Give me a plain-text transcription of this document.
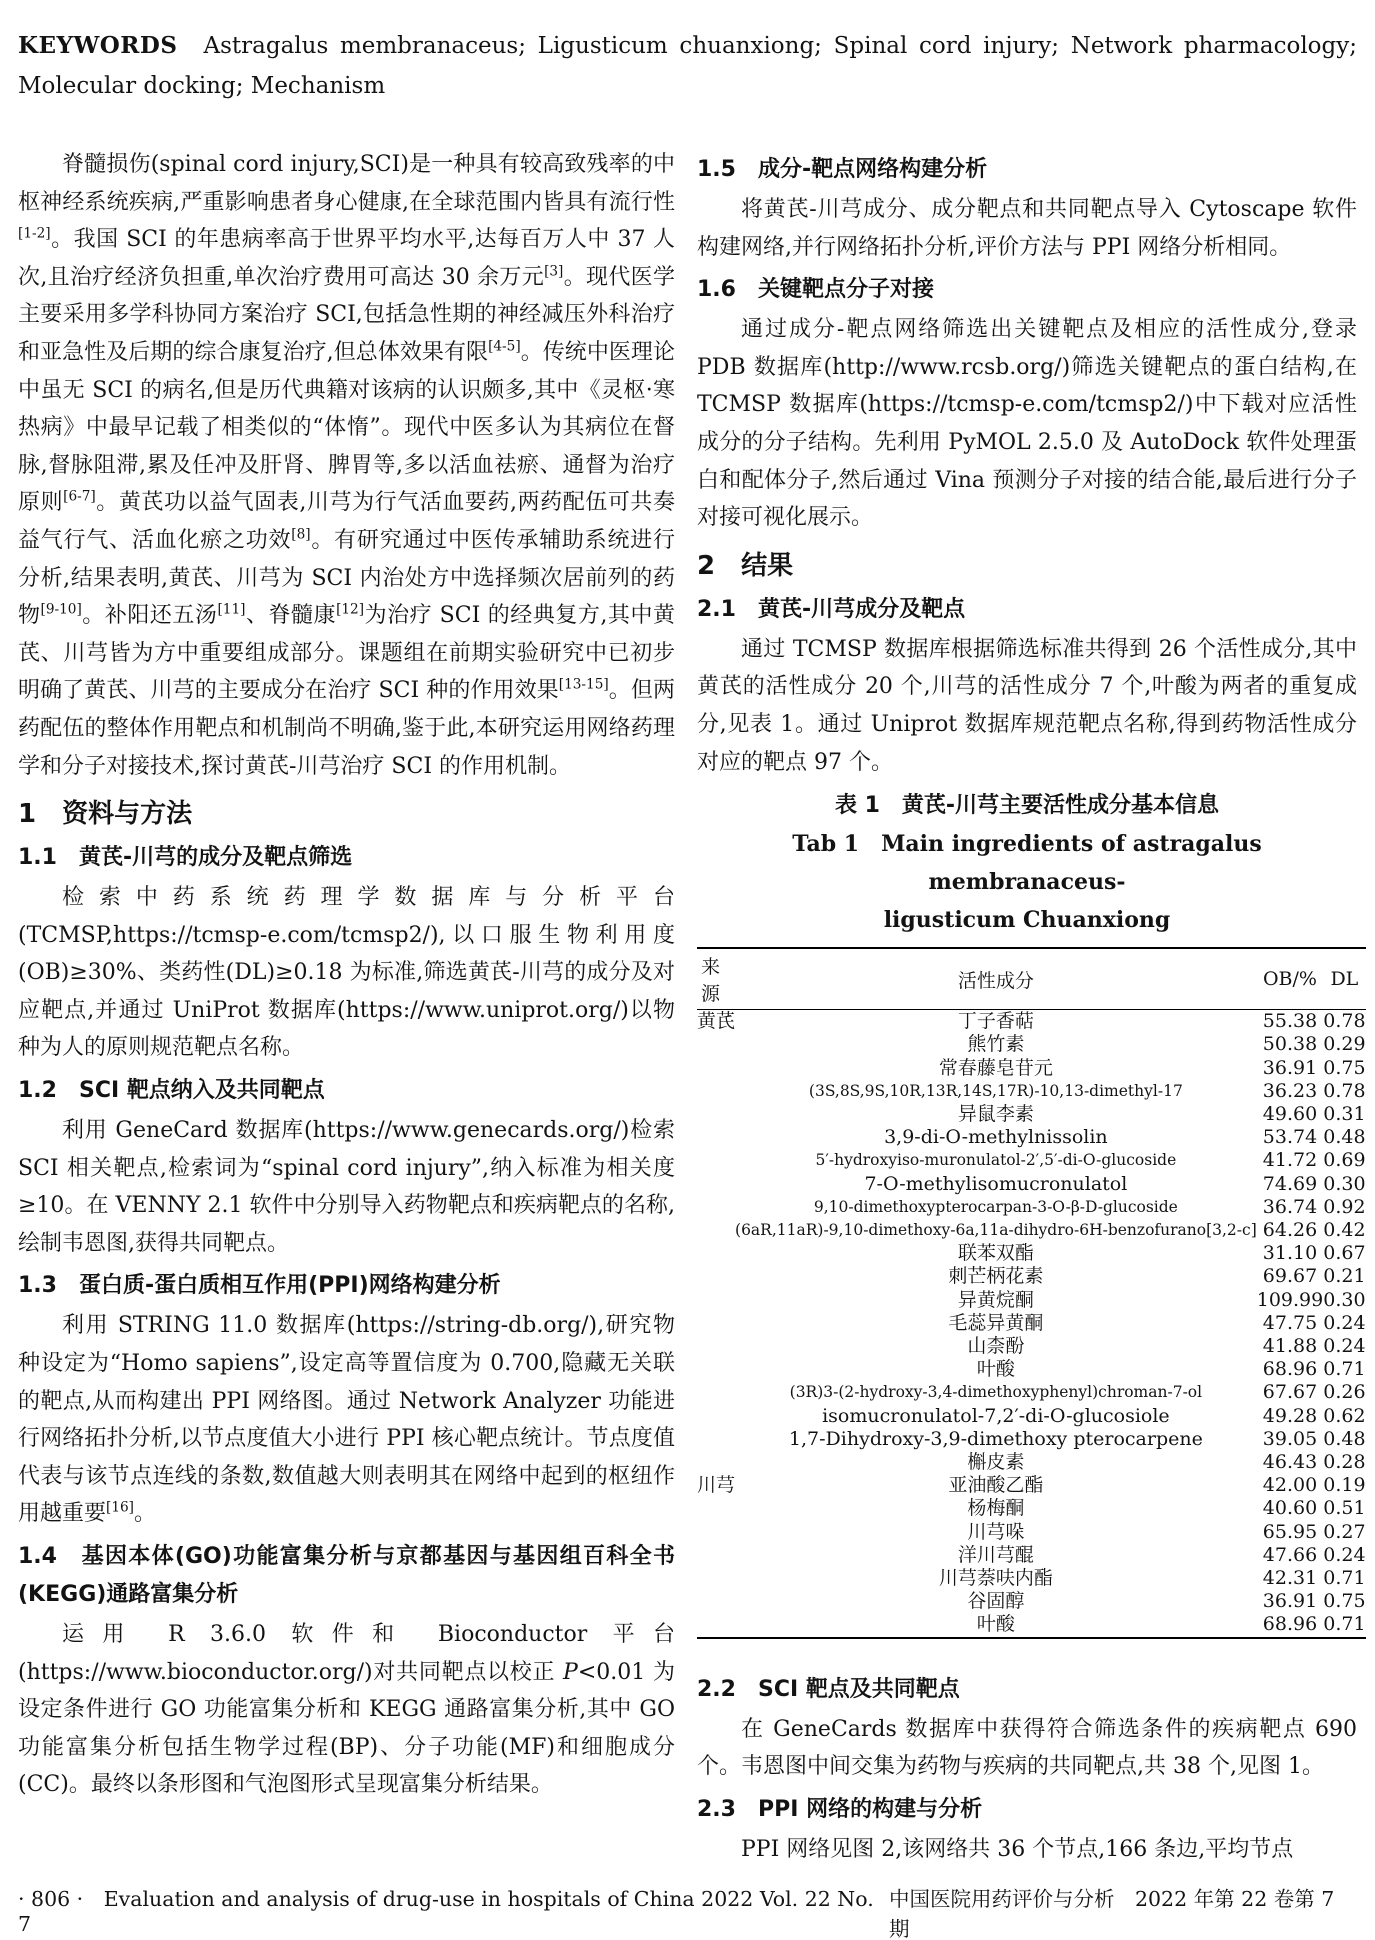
KEYWORDS Astragalus membranaceus; Ligusticum chuanxiong; Spinal cord injury; Network pharmacology; Molecular docking; Mechanism

脊髓损伤(spinal cord injury,SCI)是一种具有较高致残率的中枢神经系统疾病,严重影响患者身心健康,在全球范围内皆具有流行性[1-2]。我国 SCI 的年患病率高于世界平均水平,达每百万人中 37 人次,且治疗经济负担重,单次治疗费用可高达 30 余万元[3]。现代医学主要采用多学科协同方案治疗 SCI,包括急性期的神经减压外科治疗和亚急性及后期的综合康复治疗,但总体效果有限[4-5]。传统中医理论中虽无 SCI 的病名,但是历代典籍对该病的认识颇多,其中《灵枢·寒热病》中最早记载了相类似的“体惰”。现代中医多认为其病位在督脉,督脉阻滞,累及任冲及肝肾、脾胃等,多以活血祛瘀、通督为治疗原则[6-7]。黄芪功以益气固表,川芎为行气活血要药,两药配伍可共奏益气行气、活血化瘀之功效[8]。有研究通过中医传承辅助系统进行分析,结果表明,黄芪、川芎为 SCI 内治处方中选择频次居前列的药物[9-10]。补阳还五汤[11]、脊髓康[12]为治疗 SCI 的经典复方,其中黄芪、川芎皆为方中重要组成部分。课题组在前期实验研究中已初步明确了黄芪、川芎的主要成分在治疗 SCI 种的作用效果[13-15]。但两药配伍的整体作用靶点和机制尚不明确,鉴于此,本研究运用网络药理学和分子对接技术,探讨黄芪-川芎治疗 SCI 的作用机制。

1　资料与方法
1.1　黄芪-川芎的成分及靶点筛选

检索中药系统药理学数据库与分析平台(TCMSP,https://tcmsp-e.com/tcmsp2/),以口服生物利用度(OB)≥30%、类药性(DL)≥0.18 为标准,筛选黄芪-川芎的成分及对应靶点,并通过 UniProt 数据库(https://www.uniprot.org/)以物种为人的原则规范靶点名称。

1.2　SCI 靶点纳入及共同靶点

利用 GeneCard 数据库(https://www.genecards.org/)检索 SCI 相关靶点,检索词为“spinal cord injury”,纳入标准为相关度≥10。在 VENNY 2.1 软件中分别导入药物靶点和疾病靶点的名称,绘制韦恩图,获得共同靶点。

1.3　蛋白质-蛋白质相互作用(PPI)网络构建分析

利用 STRING 11.0 数据库(https://string-db.org/),研究物种设定为“Homo sapiens”,设定高等置信度为 0.700,隐藏无关联的靶点,从而构建出 PPI 网络图。通过 Network Analyzer 功能进行网络拓扑分析,以节点度值大小进行 PPI 核心靶点统计。节点度值代表与该节点连线的条数,数值越大则表明其在网络中起到的枢纽作用越重要[16]。

1.4　基因本体(GO)功能富集分析与京都基因与基因组百科全书(KEGG)通路富集分析

运用 R 3.6.0 软件和 Bioconductor 平台(https://www.bioconductor.org/)对共同靶点以校正 P<0.01 为设定条件进行 GO 功能富集分析和 KEGG 通路富集分析,其中 GO 功能富集分析包括生物学过程(BP)、分子功能(MF)和细胞成分(CC)。最终以条形图和气泡图形式呈现富集分析结果。

1.5　成分-靶点网络构建分析

将黄芪-川芎成分、成分靶点和共同靶点导入 Cytoscape 软件构建网络,并行网络拓扑分析,评价方法与 PPI 网络分析相同。

1.6　关键靶点分子对接

通过成分-靶点网络筛选出关键靶点及相应的活性成分,登录 PDB 数据库(http://www.rcsb.org/)筛选关键靶点的蛋白结构,在 TCMSP 数据库(https://tcmsp-e.com/tcmsp2/)中下载对应活性成分的分子结构。先利用 PyMOL 2.5.0 及 AutoDock 软件处理蛋白和配体分子,然后通过 Vina 预测分子对接的结合能,最后进行分子对接可视化展示。

2　结果
2.1　黄芪-川芎成分及靶点

通过 TCMSP 数据库根据筛选标准共得到 26 个活性成分,其中黄芪的活性成分 20 个,川芎的活性成分 7 个,叶酸为两者的重复成分,见表 1。通过 Uniprot 数据库规范靶点名称,得到药物活性成分对应的靶点 97 个。

表 1　黄芪-川芎主要活性成分基本信息
Tab 1　Main ingredients of astragalus membranaceus-
ligusticum Chuanxiong
来源	活性成分	OB/%	DL
黄芪	丁子香萜	55.38	0.78
	熊竹素	50.38	0.29
	常春藤皂苷元	36.91	0.75
	(3S,8S,9S,10R,13R,14S,17R)-10,13-dimethyl-17	36.23	0.78
	异鼠李素	49.60	0.31
	3,9-di-O-methylnissolin	53.74	0.48
	5′-hydroxyiso-muronulatol-2′,5′-di-O-glucoside	41.72	0.69
	7-O-methylisomucronulatol	74.69	0.30
	9,10-dimethoxypterocarpan-3-O-β-D-glucoside	36.74	0.92
	(6aR,11aR)-9,10-dimethoxy-6a,11a-dihydro-6H-benzofurano[3,2-c]	64.26	0.42
	联苯双酯	31.10	0.67
	刺芒柄花素	69.67	0.21
	异黄烷酮	109.99	0.30
	毛蕊异黄酮	47.75	0.24
	山柰酚	41.88	0.24
	叶酸	68.96	0.71
	(3R)3-(2-hydroxy-3,4-dimethoxyphenyl)chroman-7-ol	67.67	0.26
	isomucronulatol-7,2′-di-O-glucosiole	49.28	0.62
	1,7-Dihydroxy-3,9-dimethoxy pterocarpene	39.05	0.48
	槲皮素	46.43	0.28
川芎	亚油酸乙酯	42.00	0.19
	杨梅酮	40.60	0.51
	川芎哚	65.95	0.27
	洋川芎醌	47.66	0.24
	川芎萘呋内酯	42.31	0.71
	谷固醇	36.91	0.75
	叶酸	68.96	0.71
2.2　SCI 靶点及共同靶点

在 GeneCards 数据库中获得符合筛选条件的疾病靶点 690 个。韦恩图中间交集为药物与疾病的共同靶点,共 38 个,见图 1。

2.3　PPI 网络的构建与分析

PPI 网络见图 2,该网络共 36 个节点,166 条边,平均节点

· 806 ·　Evaluation and analysis of drug-use in hospitals of China 2022 Vol. 22 No. 7
中国医院用药评价与分析　2022 年第 22 卷第 7 期
